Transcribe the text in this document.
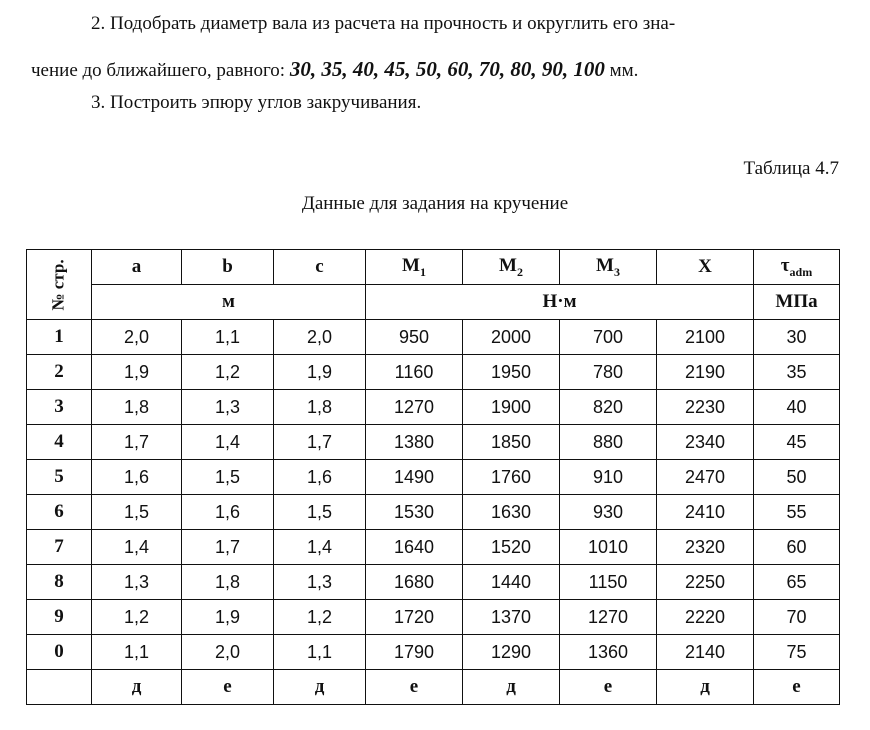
2. Подобрать диаметр вала из расчета на прочность и округлить его зна-
чение до ближайшего, равного: 30, 35, 40, 45, 50, 60, 70, 80, 90, 100 мм.
3. Построить эпюру углов закручивания.
Таблица 4.7
Данные для задания на кручение
№ стр.	a	b	c	$M_1$	$M_2$	$M_3$	X	$\tau_{adm}$
	м			Н·м				МПа
1	2,0	1,1	2,0	950	2000	700	2100	30
2	1,9	1,2	1,9	1160	1950	780	2190	35
3	1,8	1,3	1,8	1270	1900	820	2230	40
4	1,7	1,4	1,7	1380	1850	880	2340	45
5	1,6	1,5	1,6	1490	1760	910	2470	50
6	1,5	1,6	1,5	1530	1630	930	2410	55
7	1,4	1,7	1,4	1640	1520	1010	2320	60
8	1,3	1,8	1,3	1680	1440	1150	2250	65
9	1,2	1,9	1,2	1720	1370	1270	2220	70
0	1,1	2,0	1,1	1790	1290	1360	2140	75
	д	е	д	е	д	е	д	е
